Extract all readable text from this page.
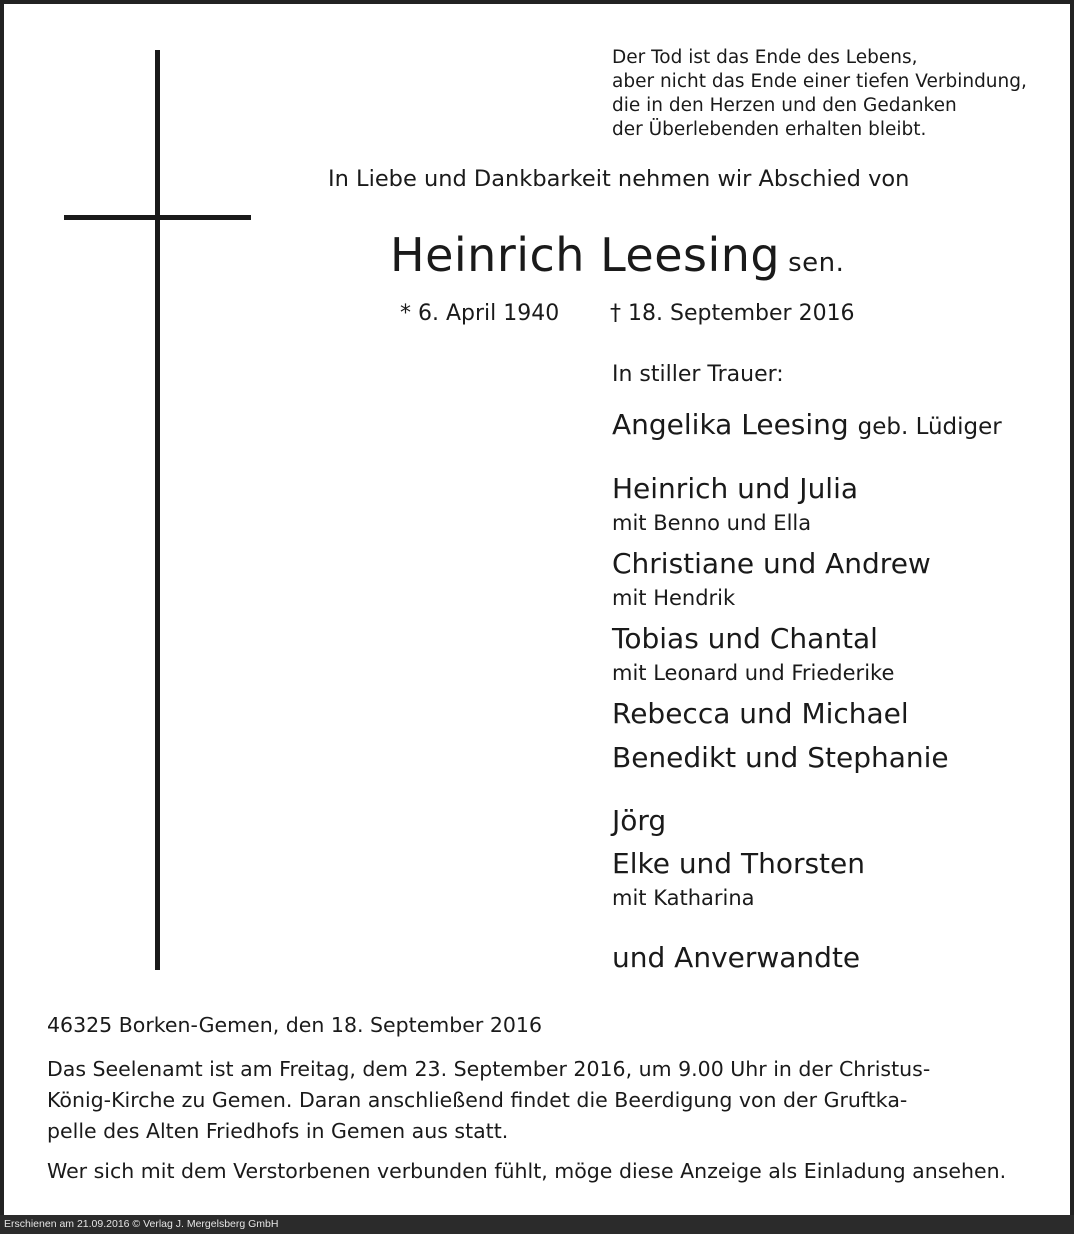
Der Tod ist das Ende des Lebens,
aber nicht das Ende einer tiefen Verbindung,
die in den Herzen und den Gedanken
der Überlebenden erhalten bleibt.
In Liebe und Dankbarkeit nehmen wir Abschied von
Heinrich Leesing sen.
* 6. April 1940 † 18. September 2016
In stiller Trauer:
Angelika Leesing geb. Lüdiger
Heinrich und Julia
mit Benno und Ella
Christiane und Andrew
mit Hendrik
Tobias und Chantal
mit Leonard und Friederike
Rebecca und Michael
Benedikt und Stephanie
Jörg
Elke und Thorsten
mit Katharina
und Anverwandte
46325 Borken-Gemen, den 18. September 2016
Das Seelenamt ist am Freitag, dem 23. September 2016, um 9.00 Uhr in der Christus-
König-Kirche zu Gemen. Daran anschließend findet die Beerdigung von der Gruftka-
pelle des Alten Friedhofs in Gemen aus statt.
Wer sich mit dem Verstorbenen verbunden fühlt, möge diese Anzeige als Einladung ansehen.
Erschienen am 21.09.2016 © Verlag J. Mergelsberg GmbH
